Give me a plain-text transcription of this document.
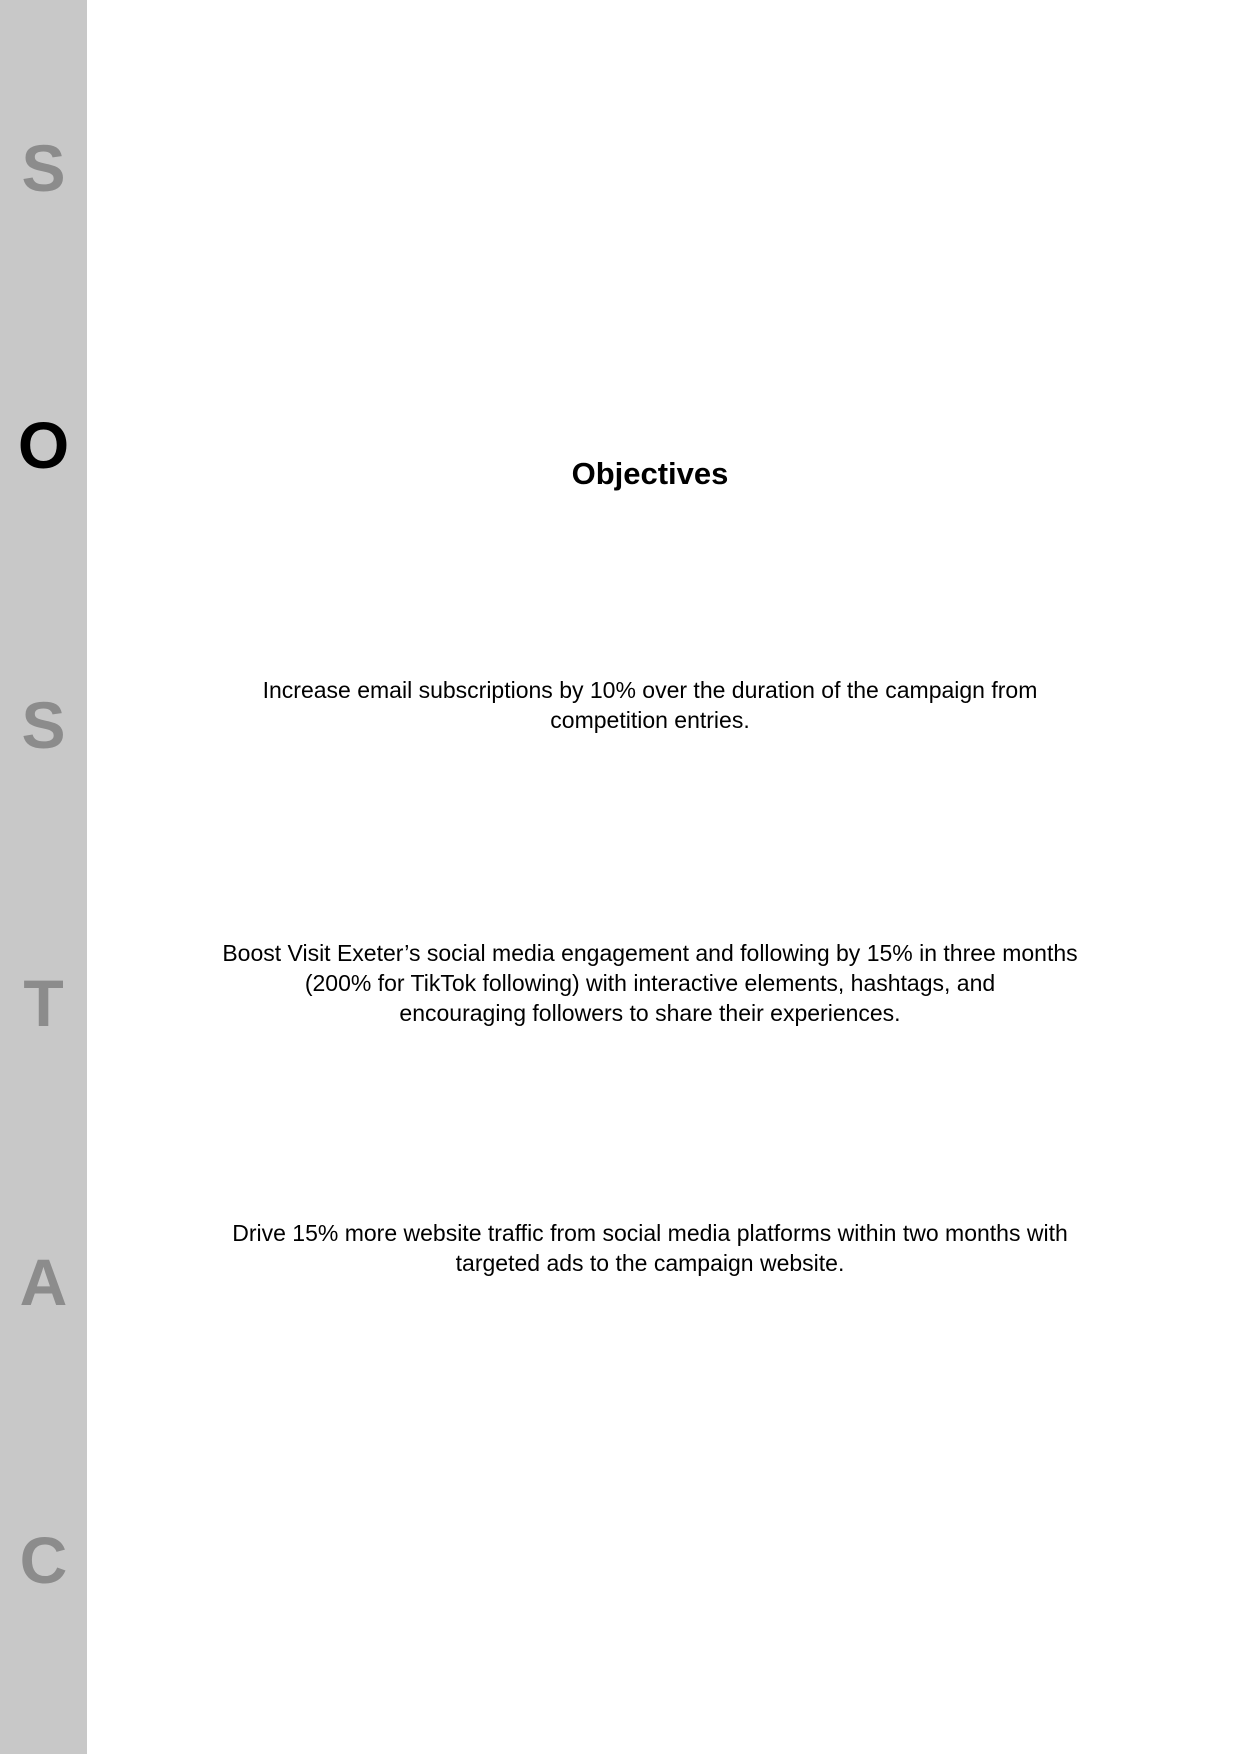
S
O
S
T
A
C
Objectives
Increase email subscriptions by 10% over the duration of the campaign from
competition entries.
Boost Visit Exeter’s social media engagement and following by 15% in three months
(200% for TikTok following) with interactive elements, hashtags, and
encouraging followers to share their experiences.
Drive 15% more website traffic from social media platforms within two months with
targeted ads to the campaign website.
